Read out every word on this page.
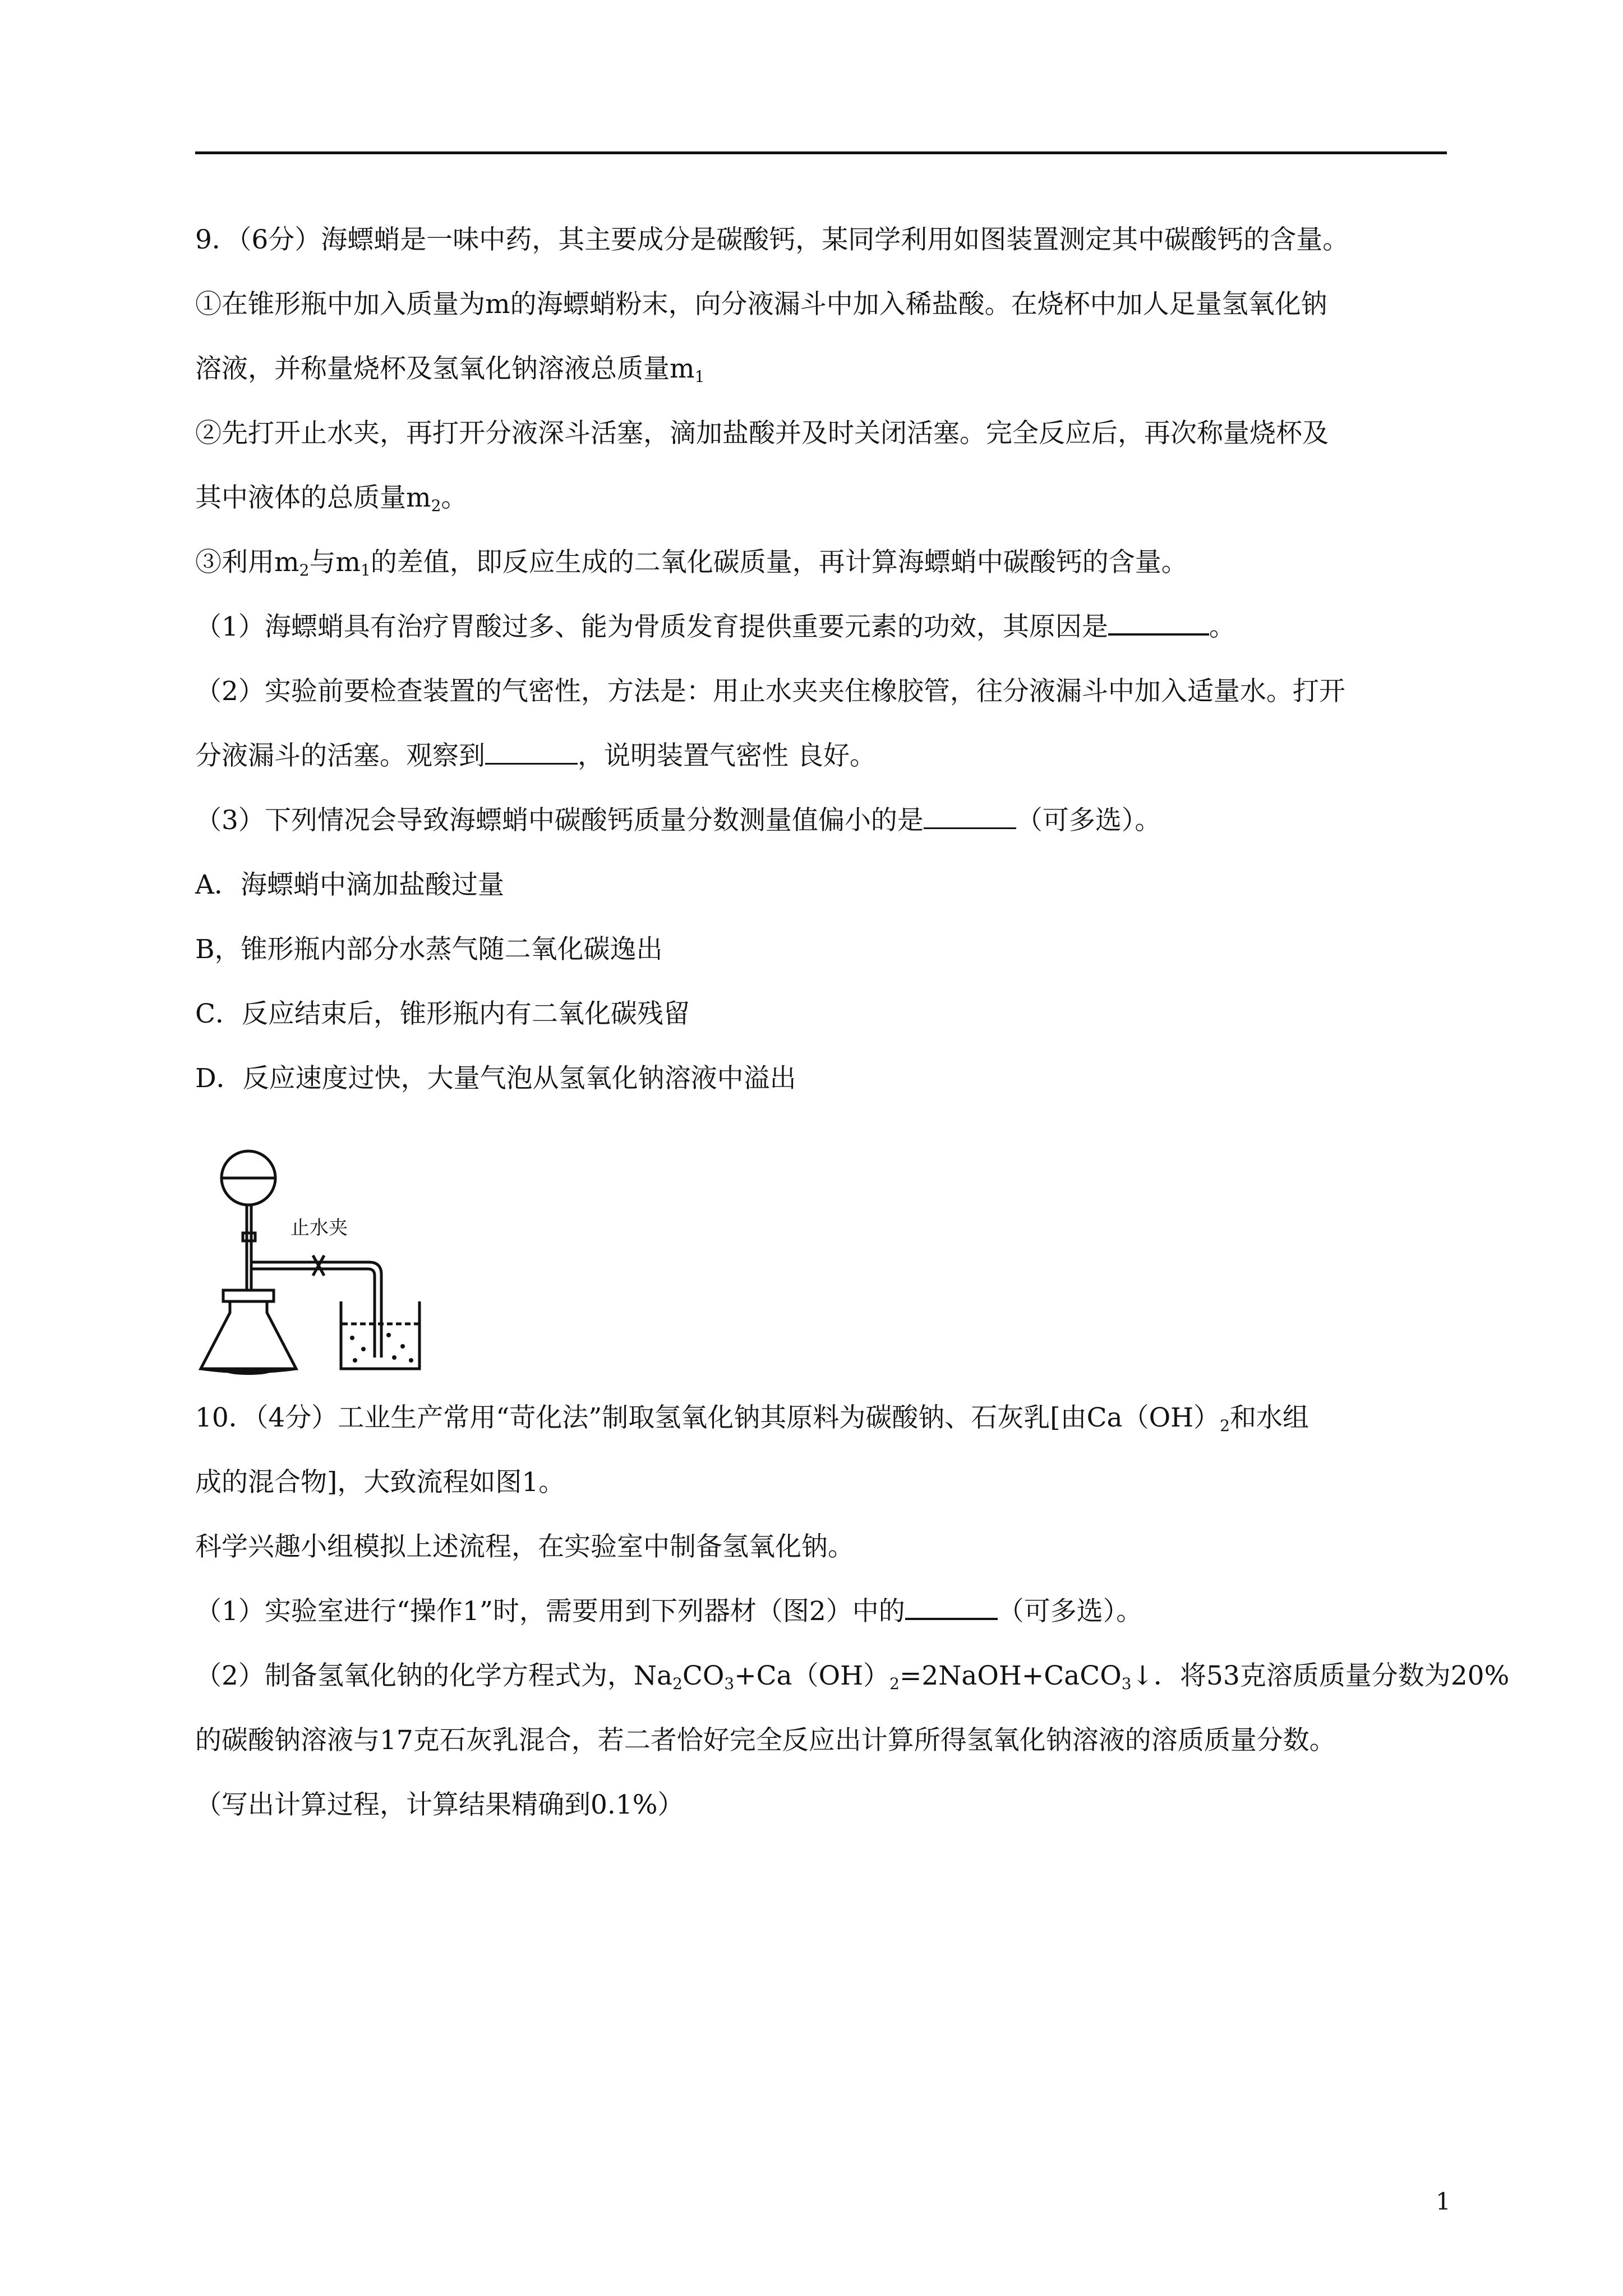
9．（6分）海螵蛸是一味中药，其主要成分是碳酸钙，某同学利用如图装置测定其中碳酸钙的含量。
①在锥形瓶中加入质量为m的海螵蛸粉末，向分液漏斗中加入稀盐酸。在烧杯中加人足量氢氧化钠
溶液，并称量烧杯及氢氧化钠溶液总质量$m_1$
②先打开止水夹，再打开分液深斗活塞，滴加盐酸并及时关闭活塞。完全反应后，再次称量烧杯及
其中液体的总质量$m_2$。
③利用$m_2$与$m_1$的差值，即反应生成的二氧化碳质量，再计算海螵蛸中碳酸钙的含量。
（1）海螵蛸具有治疗胃酸过多、能为骨质发育提供重要元素的功效，其原因是	。
（2）实验前要检查装置的气密性，方法是：用止水夹夹住橡胶管，往分液漏斗中加入适量水。打开
分液漏斗的活塞。观察到	，说明装置气密性 良好。
（3）下列情况会导致海螵蛸中碳酸钙质量分数测量值偏小的是	（可多选）。
A．海螵蛸中滴加盐酸过量
B，锥形瓶内部分水蒸气随二氧化碳逸出
C．反应结束后，锥形瓶内有二氧化碳残留
D．反应速度过快，大量气泡从氢氧化钠溶液中溢出
止水夹
10．（4分）工业生产常用“苛化法”制取氢氧化钠其原料为碳酸钠、石灰乳[由$Ca(OH)_2$和水组
成的混合物]，大致流程如图1。
科学兴趣小组模拟上述流程，在实验室中制备氢氧化钠。
（1）实验室进行“操作1”时，需要用到下列器材（图2）中的	（可多选）。
（2）制备氢氧化钠的化学方程式为，$Na_2CO_3+Ca(OH)_2=2NaOH+CaCO_3↓$．将53克溶质质量分数为20%
的碳酸钠溶液与17克石灰乳混合，若二者恰好完全反应出计算所得氢氧化钠溶液的溶质质量分数。
（写出计算过程，计算结果精确到0.1%）
1
